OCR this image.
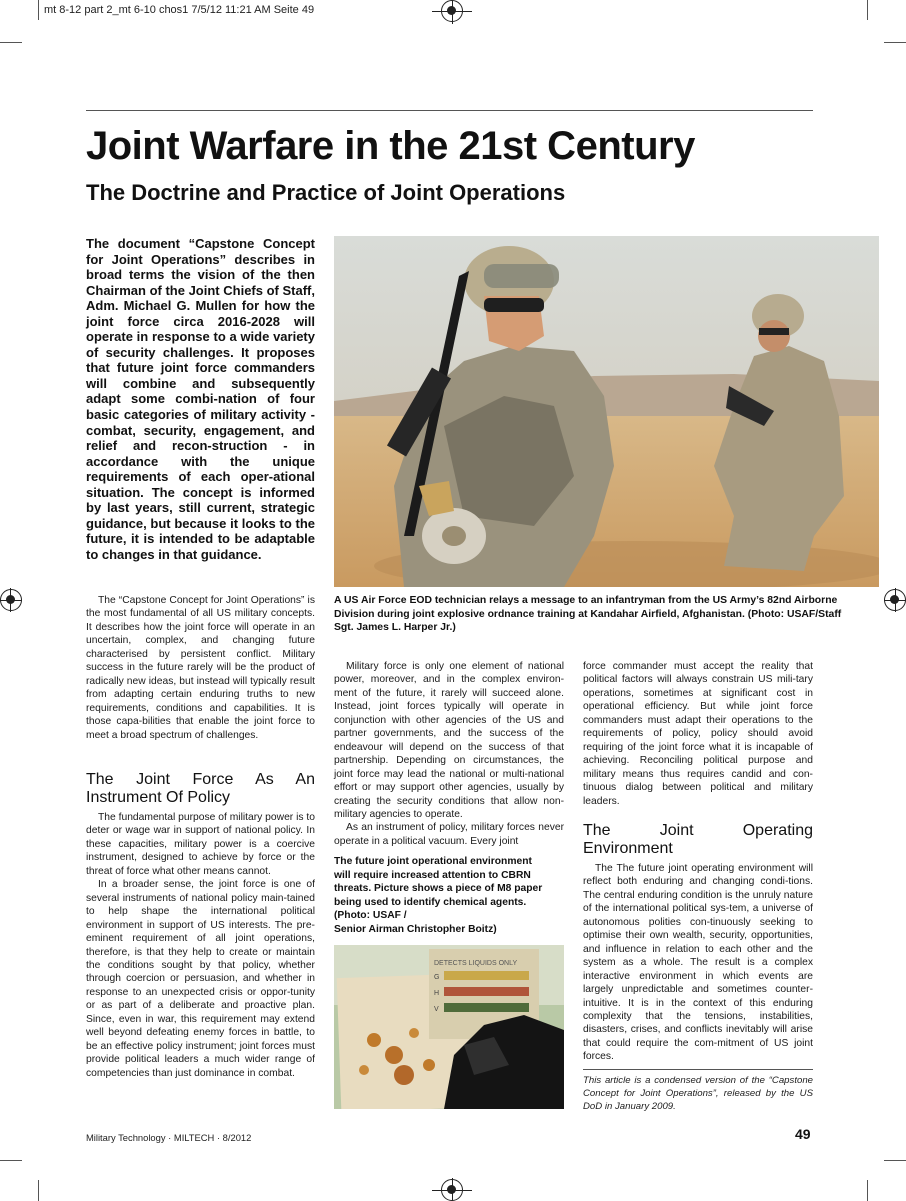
mt 8-12 part 2_mt 6-10 chos1 7/5/12 11:21 AM Seite 49
Joint Warfare in the 21st Century
The Doctrine and Practice of Joint Operations
The document “Capstone Concept for Joint Operations” describes in broad terms the vision of the then Chairman of the Joint Chiefs of Staff, Adm. Michael G. Mullen for how the joint force circa 2016-2028 will operate in response to a wide variety of security challenges. It proposes that future joint force commanders will combine and subsequently adapt some combi-nation of four basic categories of military activity - combat, security, engagement, and relief and recon-struction - in accordance with the unique requirements of each oper-ational situation. The concept is informed by last years, still current, strategic guidance, but because it looks to the future, it is intended to be adaptable to changes in that guidance.
A US Air Force EOD technician relays a message to an infantryman from the US Army’s 82nd Airborne Division during joint explosive ordnance training at Kandahar Airfield, Afghanistan. (Photo: USAF/Staff Sgt. James L. Harper Jr.)

The “Capstone Concept for Joint Operations” is the most fundamental of all US military concepts. It describes how the joint force will operate in an uncertain, complex, and changing future characterised by persistent conflict. Military success in the future rarely will be the product of radically new ideas, but instead will typically result from adapting certain enduring truths to new requirements, conditions and capabilities. It is those capa-bilities that enable the joint force to meet a broad spectrum of challenges.

The Joint Force As An Instrument Of Policy

The fundamental purpose of military power is to deter or wage war in support of national policy. In these capacities, military power is a coercive instrument, designed to achieve by force or the threat of force what other means cannot.

In a broader sense, the joint force is one of several instruments of national policy main-tained to help shape the international political environment in support of US interests. The pre-eminent requirement of all joint operations, therefore, is that they help to create or maintain the conditions sought by that policy, whether through coercion or persuasion, and whether in response to an unexpected crisis or oppor-tunity or as part of a deliberate and proactive plan. Since, even in war, this requirement may extend well beyond defeating enemy forces in battle, to be an effective policy instrument; joint forces must provide political leaders a much wider range of competencies than just dominance in combat.

Military force is only one element of national power, moreover, and in the complex environ-ment of the future, it rarely will succeed alone. Instead, joint forces typically will operate in conjunction with other agencies of the US and partner governments, and the success of the endeavour will depend on the success of that partnership. Depending on circumstances, the joint force may lead the national or multi-national effort or may support other agencies, usually by creating the security conditions that allow non-military agencies to operate.

As an instrument of policy, military forces never operate in a political vacuum. Every joint

The future joint operational environment
will require increased attention to CBRN
threats. Picture shows a piece of M8 paper
being used to identify chemical agents.
(Photo: USAF /
Senior Airman Christopher Boitz)
DETECTS LIQUIDS ONLY
G
H
V

force commander must accept the reality that political factors will always constrain US mili-tary operations, sometimes at significant cost in operational efficiency. But while joint force commanders must adapt their operations to the requirements of policy, policy should avoid requiring of the joint force what it is incapable of achieving. Reconciling political purpose and military means thus requires candid and con-tinuous dialog between political and military leaders.

The Joint Operating Environment

The The future joint operating environment will reflect both enduring and changing condi-tions. The central enduring condition is the unruly nature of the international political sys-tem, a universe of autonomous polities con-tinuously seeking to optimise their own wealth, security, opportunities, and influence in relation to each other and the system as a whole. The result is a complex interactive environment in which events are largely unpredictable and sometimes counter-intuitive. It is in the context of this enduring complexity that the tensions, instabilities, disasters, crises, and conflicts inevitably will arise that could require the com-mitment of US joint forces.

This article is a condensed version of the “Capstone Concept for Joint Operations”, released by the US DoD in January 2009.
Military Technology · MILTECH · 8/2012	49
